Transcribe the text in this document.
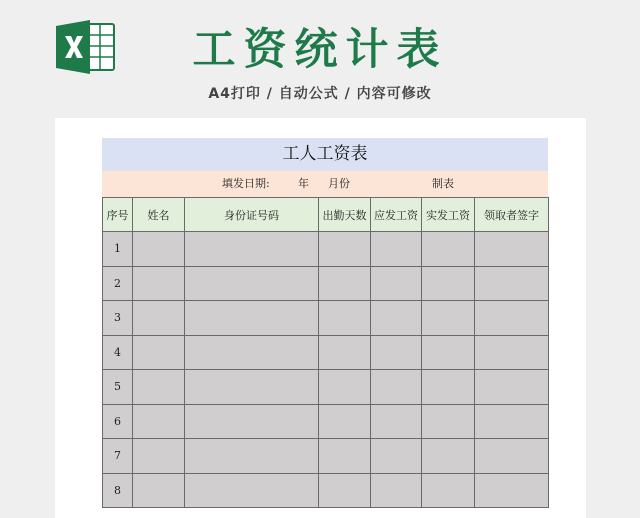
工资统计表
A4打印 / 自动公式 / 内容可修改
工人工资表
填发日期:	年 月份	制表
序号	姓名	身份证号码	出勤天数	应发工资	实发工资	领取者签字
1						
2						
3						
4						
5						
6						
7						
8						
